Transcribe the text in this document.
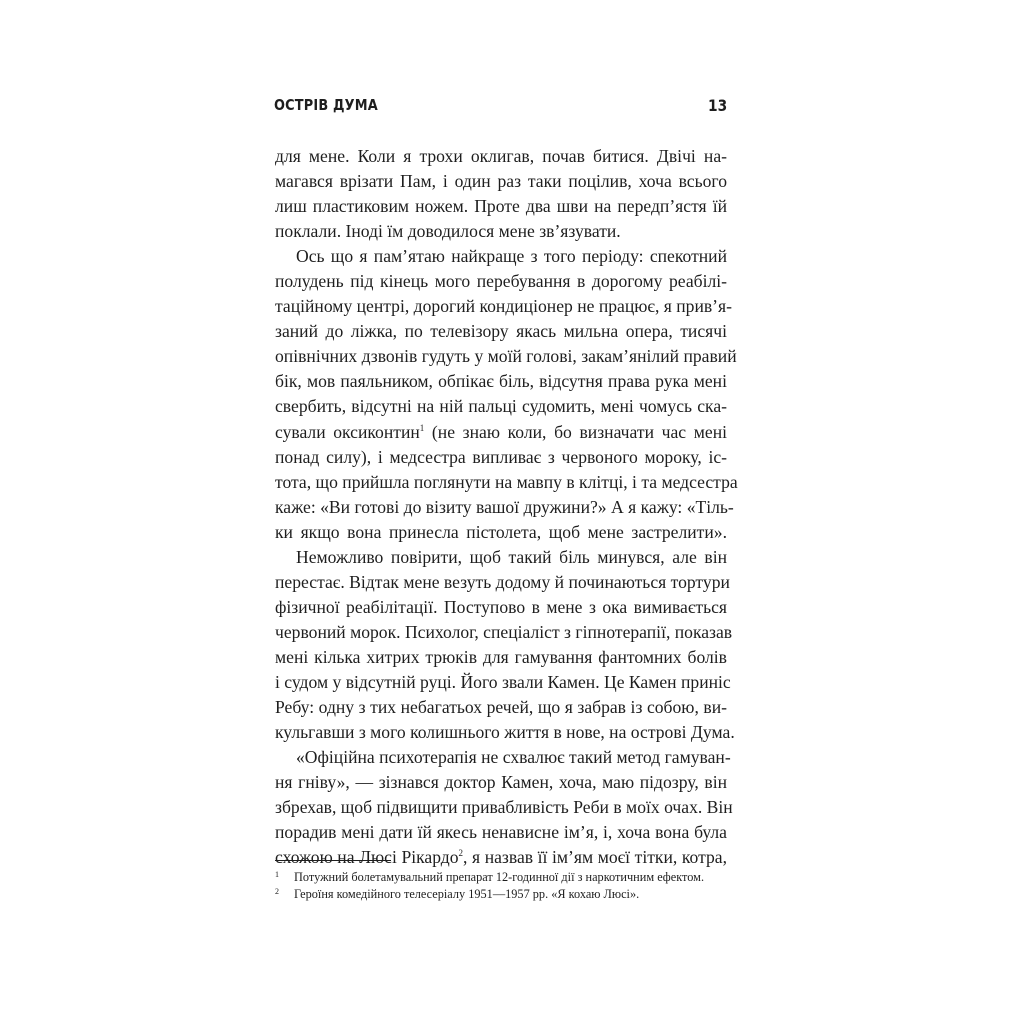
ОСТРІВ ДУМА	13
для мене. Коли я трохи оклигав, почав битися. Двічі на-
магався врізати Пам, і один раз таки поцілив, хоча всього
лиш пластиковим ножем. Проте два шви на передп’ястя їй
поклали. Іноді їм доводилося мене зв’язувати.
Ось що я пам’ятаю найкраще з того періоду: спекотний
полудень під кінець мого перебування в дорогому реабілі-
таційному центрі, дорогий кондиціонер не працює, я прив’я-
заний до ліжка, по телевізору якась мильна опера, тисячі
опівнічних дзвонів гудуть у моїй голові, закам’янілий правий
бік, мов паяльником, обпікає біль, відсутня права рука мені
свербить, відсутні на ній пальці судомить, мені чомусь ска-
сували оксиконтин$^1$ (не знаю коли, бо визначати час мені
понад силу), і медсестра випливає з червоного мороку, іс-
тота, що прийшла поглянути на мавпу в клітці, і та медсестра
каже: «Ви готові до візиту вашої дружини?» А я кажу: «Тіль-
ки якщо вона принесла пістолета, щоб мене застрелити».
Неможливо повірити, щоб такий біль минувся, але він
перестає. Відтак мене везуть додому й починаються тортури
фізичної реабілітації. Поступово в мене з ока вимивається
червоний морок. Психолог, спеціаліст з гіпнотерапії, показав
мені кілька хитрих трюків для гамування фантомних болів
і судом у відсутній руці. Його звали Камен. Це Камен приніс
Ребу: одну з тих небагатьох речей, що я забрав із собою, ви-
кульгавши з мого колишнього життя в нове, на острові Дума.
«Офіційна психотерапія не схвалює такий метод гамуван-
ня гніву», — зізнався доктор Камен, хоча, маю підозру, він
збрехав, щоб підвищити привабливість Реби в моїх очах. Він
порадив мені дати їй якесь ненависне ім’я, і, хоча вона була
схожою на Люсі Рікардо$^2$, я назвав її ім’ям моєї тітки, котра,
1 Потужний болетамувальний препарат 12-годинної дії з наркотичним ефектом.
2 Героїня комедійного телесеріалу 1951—1957 рр. «Я кохаю Люсі».
